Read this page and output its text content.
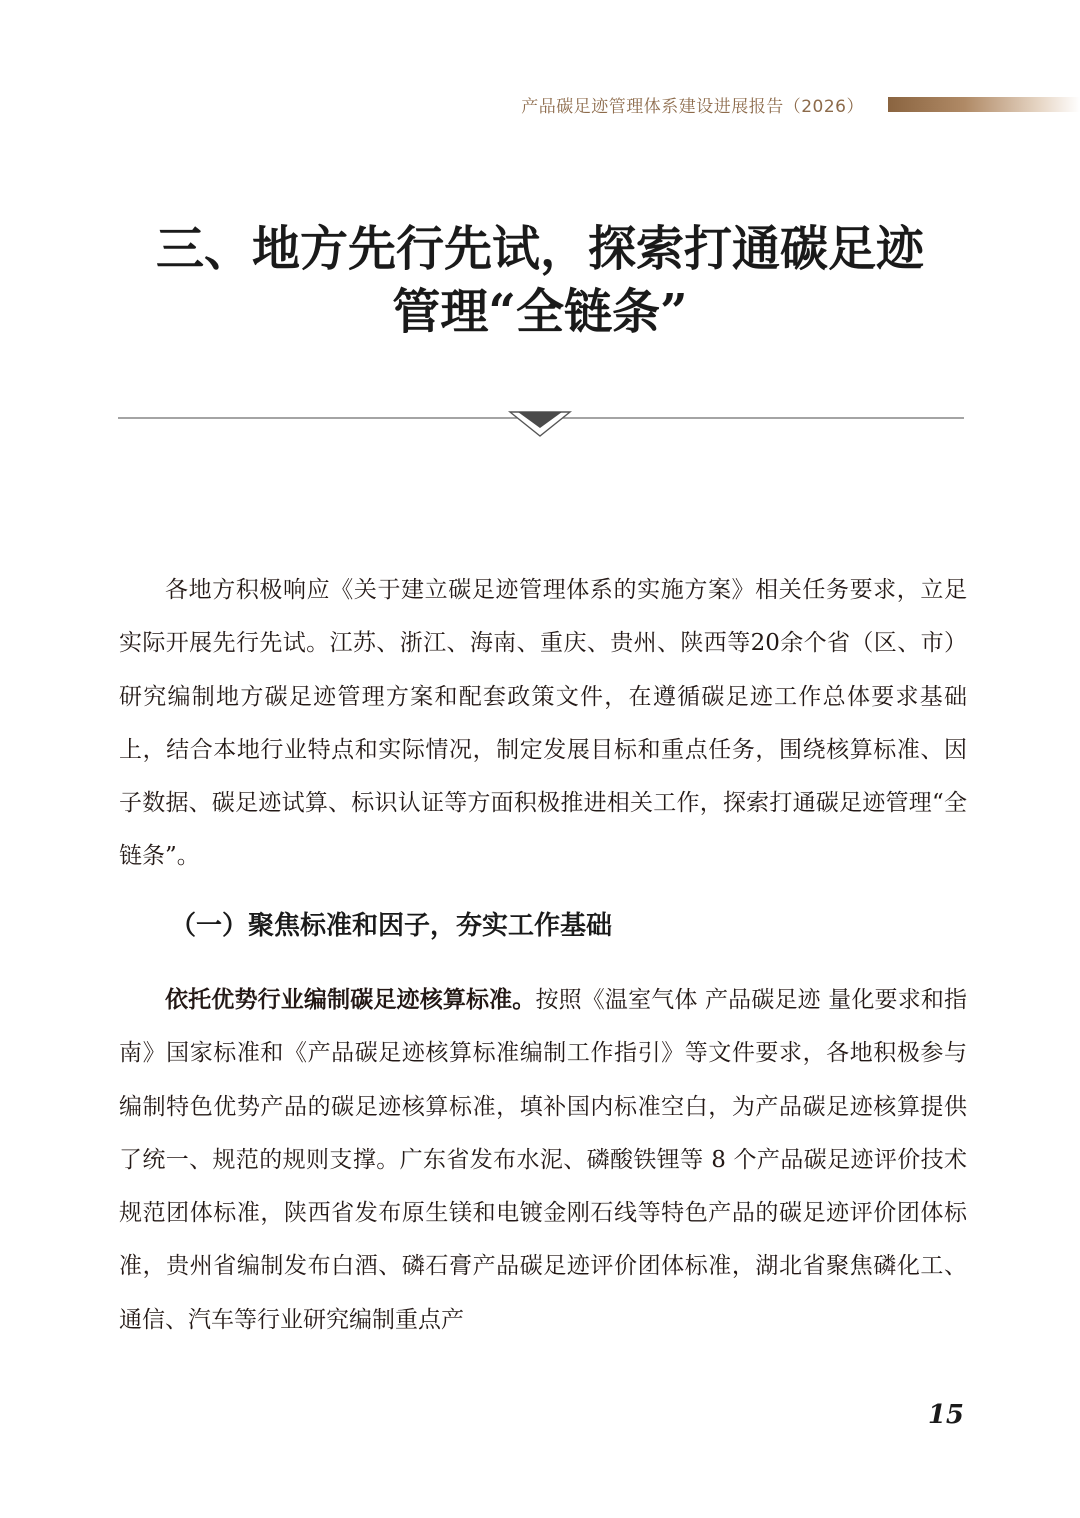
产品碳足迹管理体系建设进展报告（2026）
三、地方先行先试，探索打通碳足迹
管理“全链条”

各地方积极响应《关于建立碳足迹管理体系的实施方案》相关任务要求，立足实际开展先行先试。江苏、浙江、海南、重庆、贵州、陕西等20余个省（区、市）研究编制地方碳足迹管理方案和配套政策文件，在遵循碳足迹工作总体要求基础上，结合本地行业特点和实际情况，制定发展目标和重点任务，围绕核算标准、因子数据、碳足迹试算、标识认证等方面积极推进相关工作，探索打通碳足迹管理“全链条”。

（一）聚焦标准和因子，夯实工作基础

依托优势行业编制碳足迹核算标准。按照《温室气体 产品碳足迹 量化要求和指南》国家标准和《产品碳足迹核算标准编制工作指引》等文件要求，各地积极参与编制特色优势产品的碳足迹核算标准，填补国内标准空白，为产品碳足迹核算提供了统一、规范的规则支撑。广东省发布水泥、磷酸铁锂等 8 个产品碳足迹评价技术规范团体标准，陕西省发布原生镁和电镀金刚石线等特色产品的碳足迹评价团体标准，贵州省编制发布白酒、磷石膏产品碳足迹评价团体标准，湖北省聚焦磷化工、通信、汽车等行业研究编制重点产

15
